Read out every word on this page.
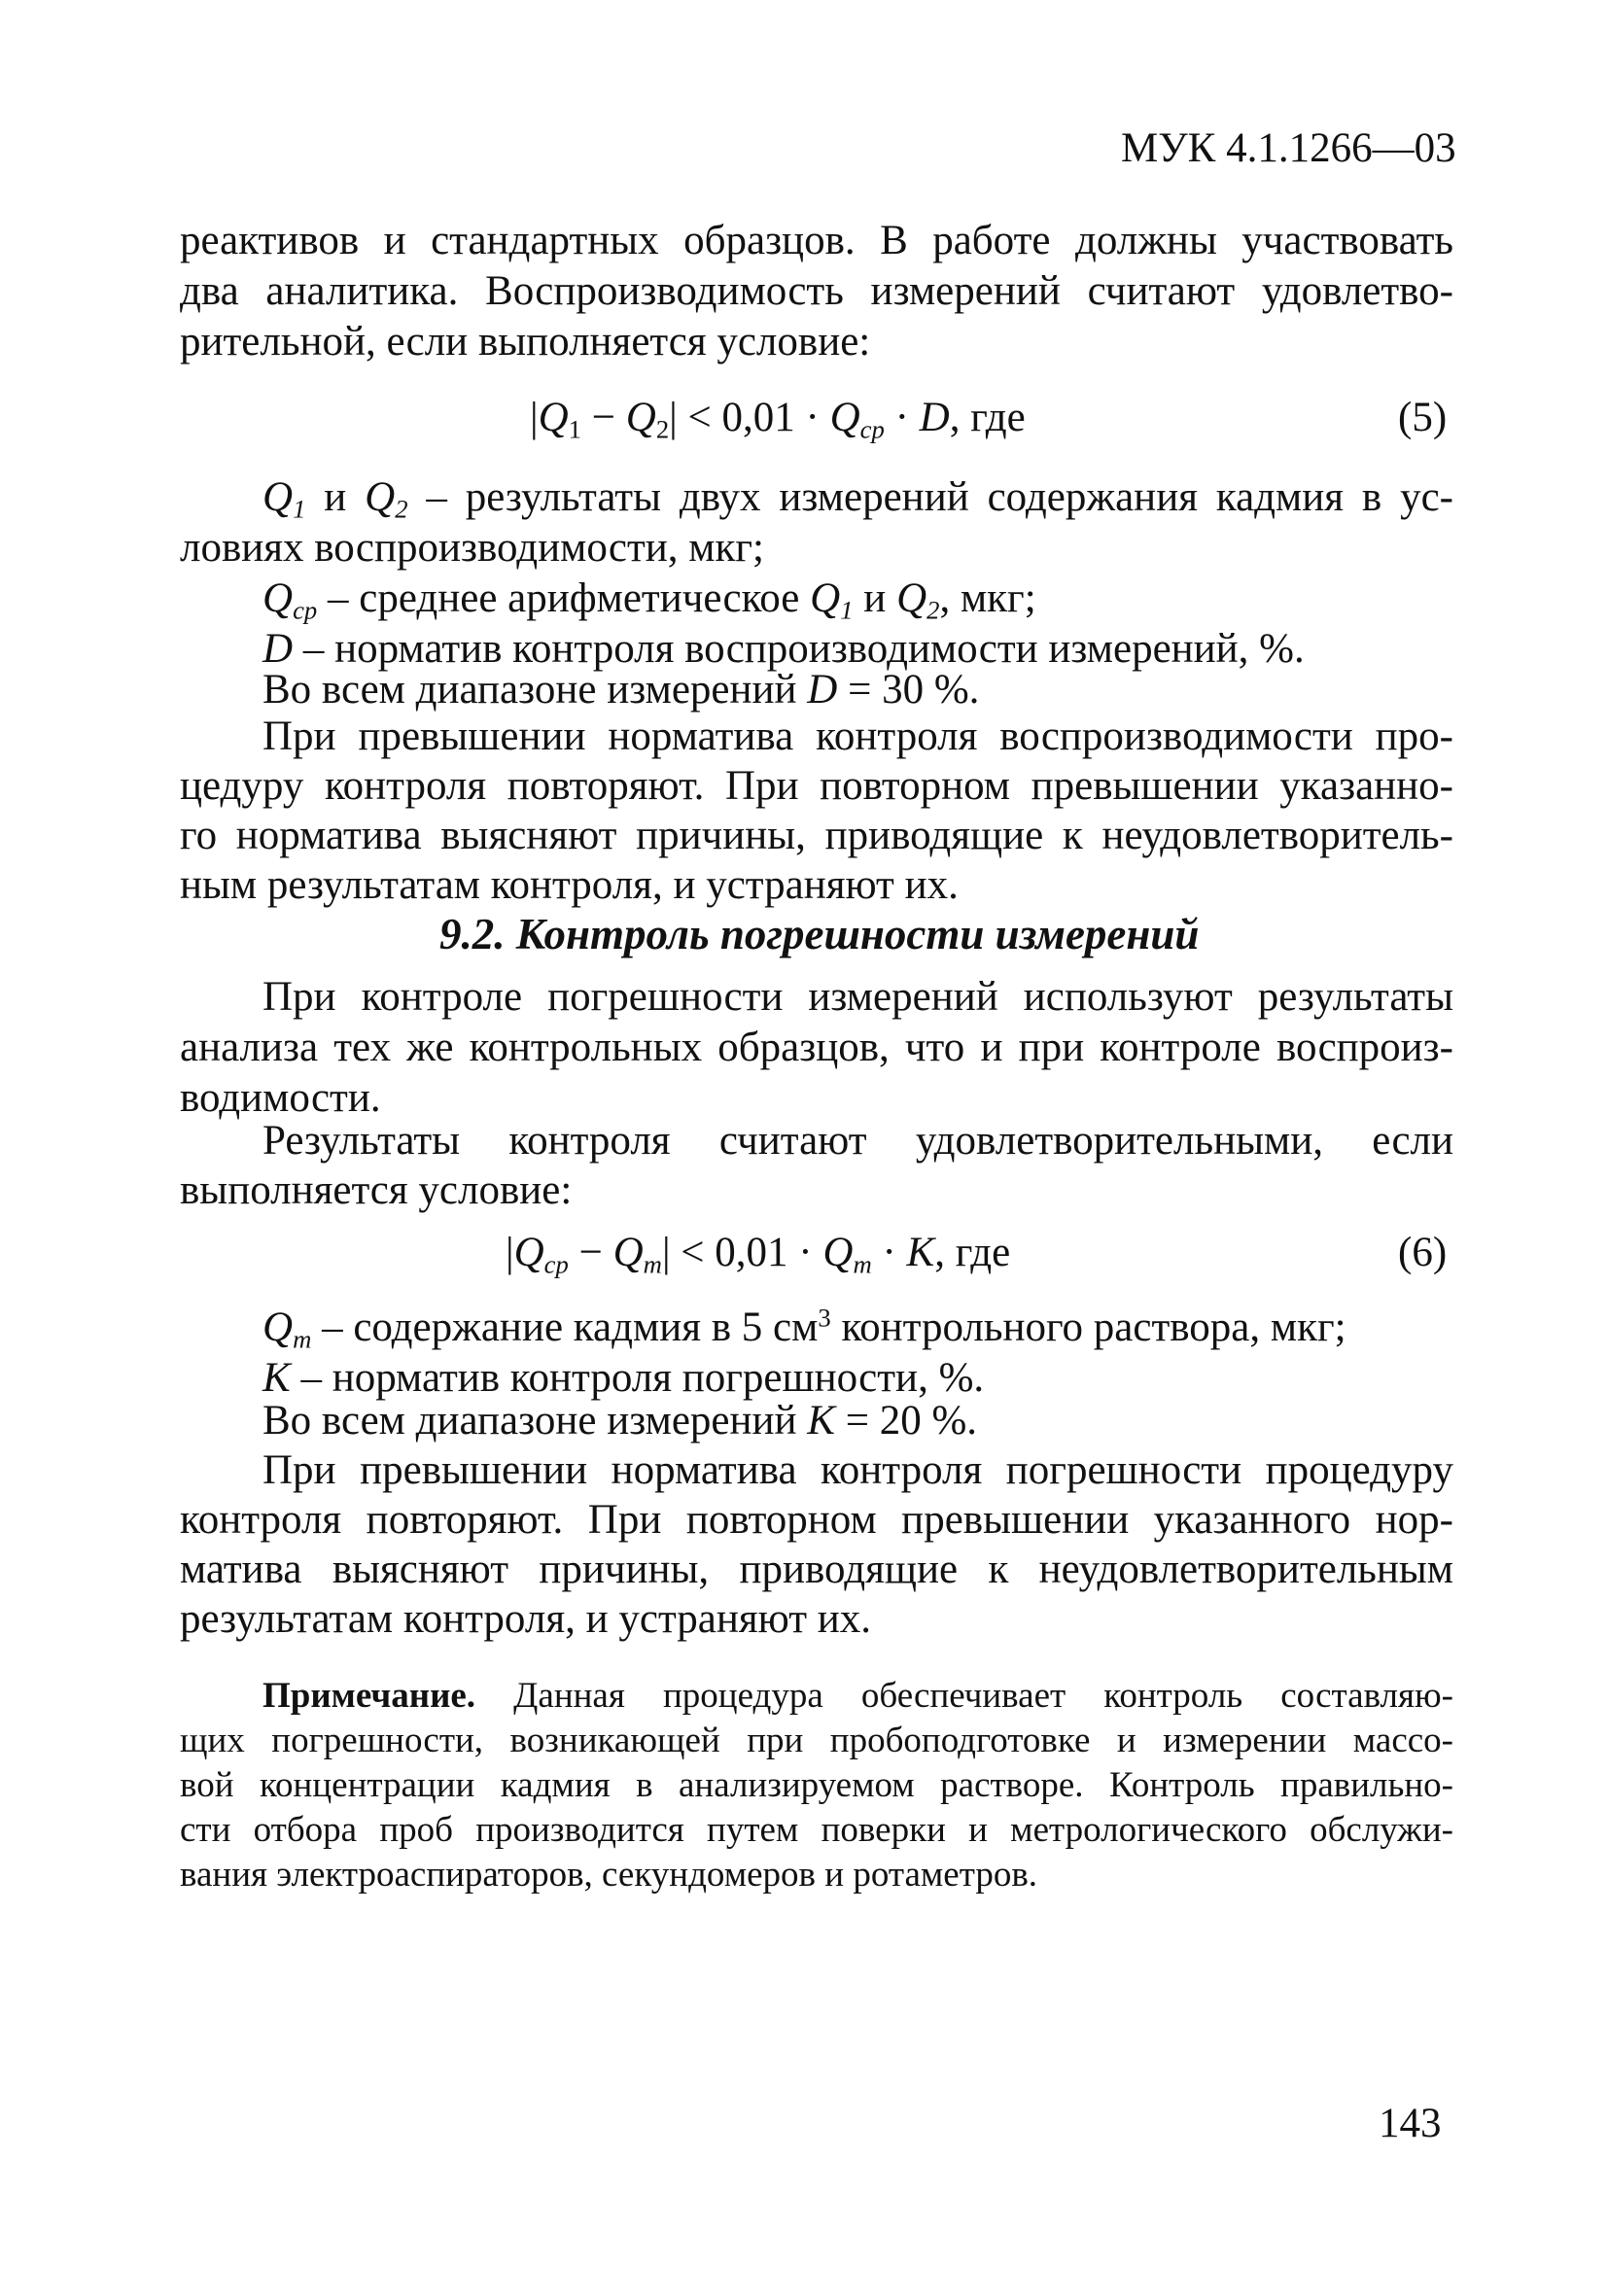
МУК 4.1.1266—03
реактивов и стандартных образцов. В работе должны участвовать
два аналитика. Воспроизводимость измерений считают удовлетво-
рительной, если выполняется условие:
$|Q_1 - Q_2| < 0,01 \cdot Q_{cp} \cdot D$, где	(5)
$Q_1$ и $Q_2$ – результаты двух измерений содержания кадмия в ус-
ловиях воспроизводимости, мкг;
$Q_{cp}$ – среднее арифметическое $Q_1$ и $Q_2$, мкг;
D – норматив контроля воспроизводимости измерений, %.
Во всем диапазоне измерений D = 30 %.
При превышении норматива контроля воспроизводимости про-
цедуру контроля повторяют. При повторном превышении указанно-
го норматива выясняют причины, приводящие к неудовлетворитель-
ным результатам контроля, и устраняют их.
9.2. Контроль погрешности измерений
При контроле погрешности измерений используют результаты
анализа тех же контрольных образцов, что и при контроле воспроиз-
водимости.
Результаты контроля считают удовлетворительными, если
выполняется условие:
$|Q_{cp} - Q_m| < 0,01 \cdot Q_m \cdot K$, где	(6)
$Q_m$ – содержание кадмия в 5 $см^3$ контрольного раствора, мкг;
K – норматив контроля погрешности, %.
Во всем диапазоне измерений K = 20 %.
При превышении норматива контроля погрешности процедуру
контроля повторяют. При повторном превышении указанного нор-
матива выясняют причины, приводящие к неудовлетворительным
результатам контроля, и устраняют их.
Примечание. Данная процедура обеспечивает контроль составляю-
щих погрешности, возникающей при пробоподготовке и измерении массо-
вой концентрации кадмия в анализируемом растворе. Контроль правильно-
сти отбора проб производится путем поверки и метрологического обслужи-
вания электроаспираторов, секундомеров и ротаметров.
143
